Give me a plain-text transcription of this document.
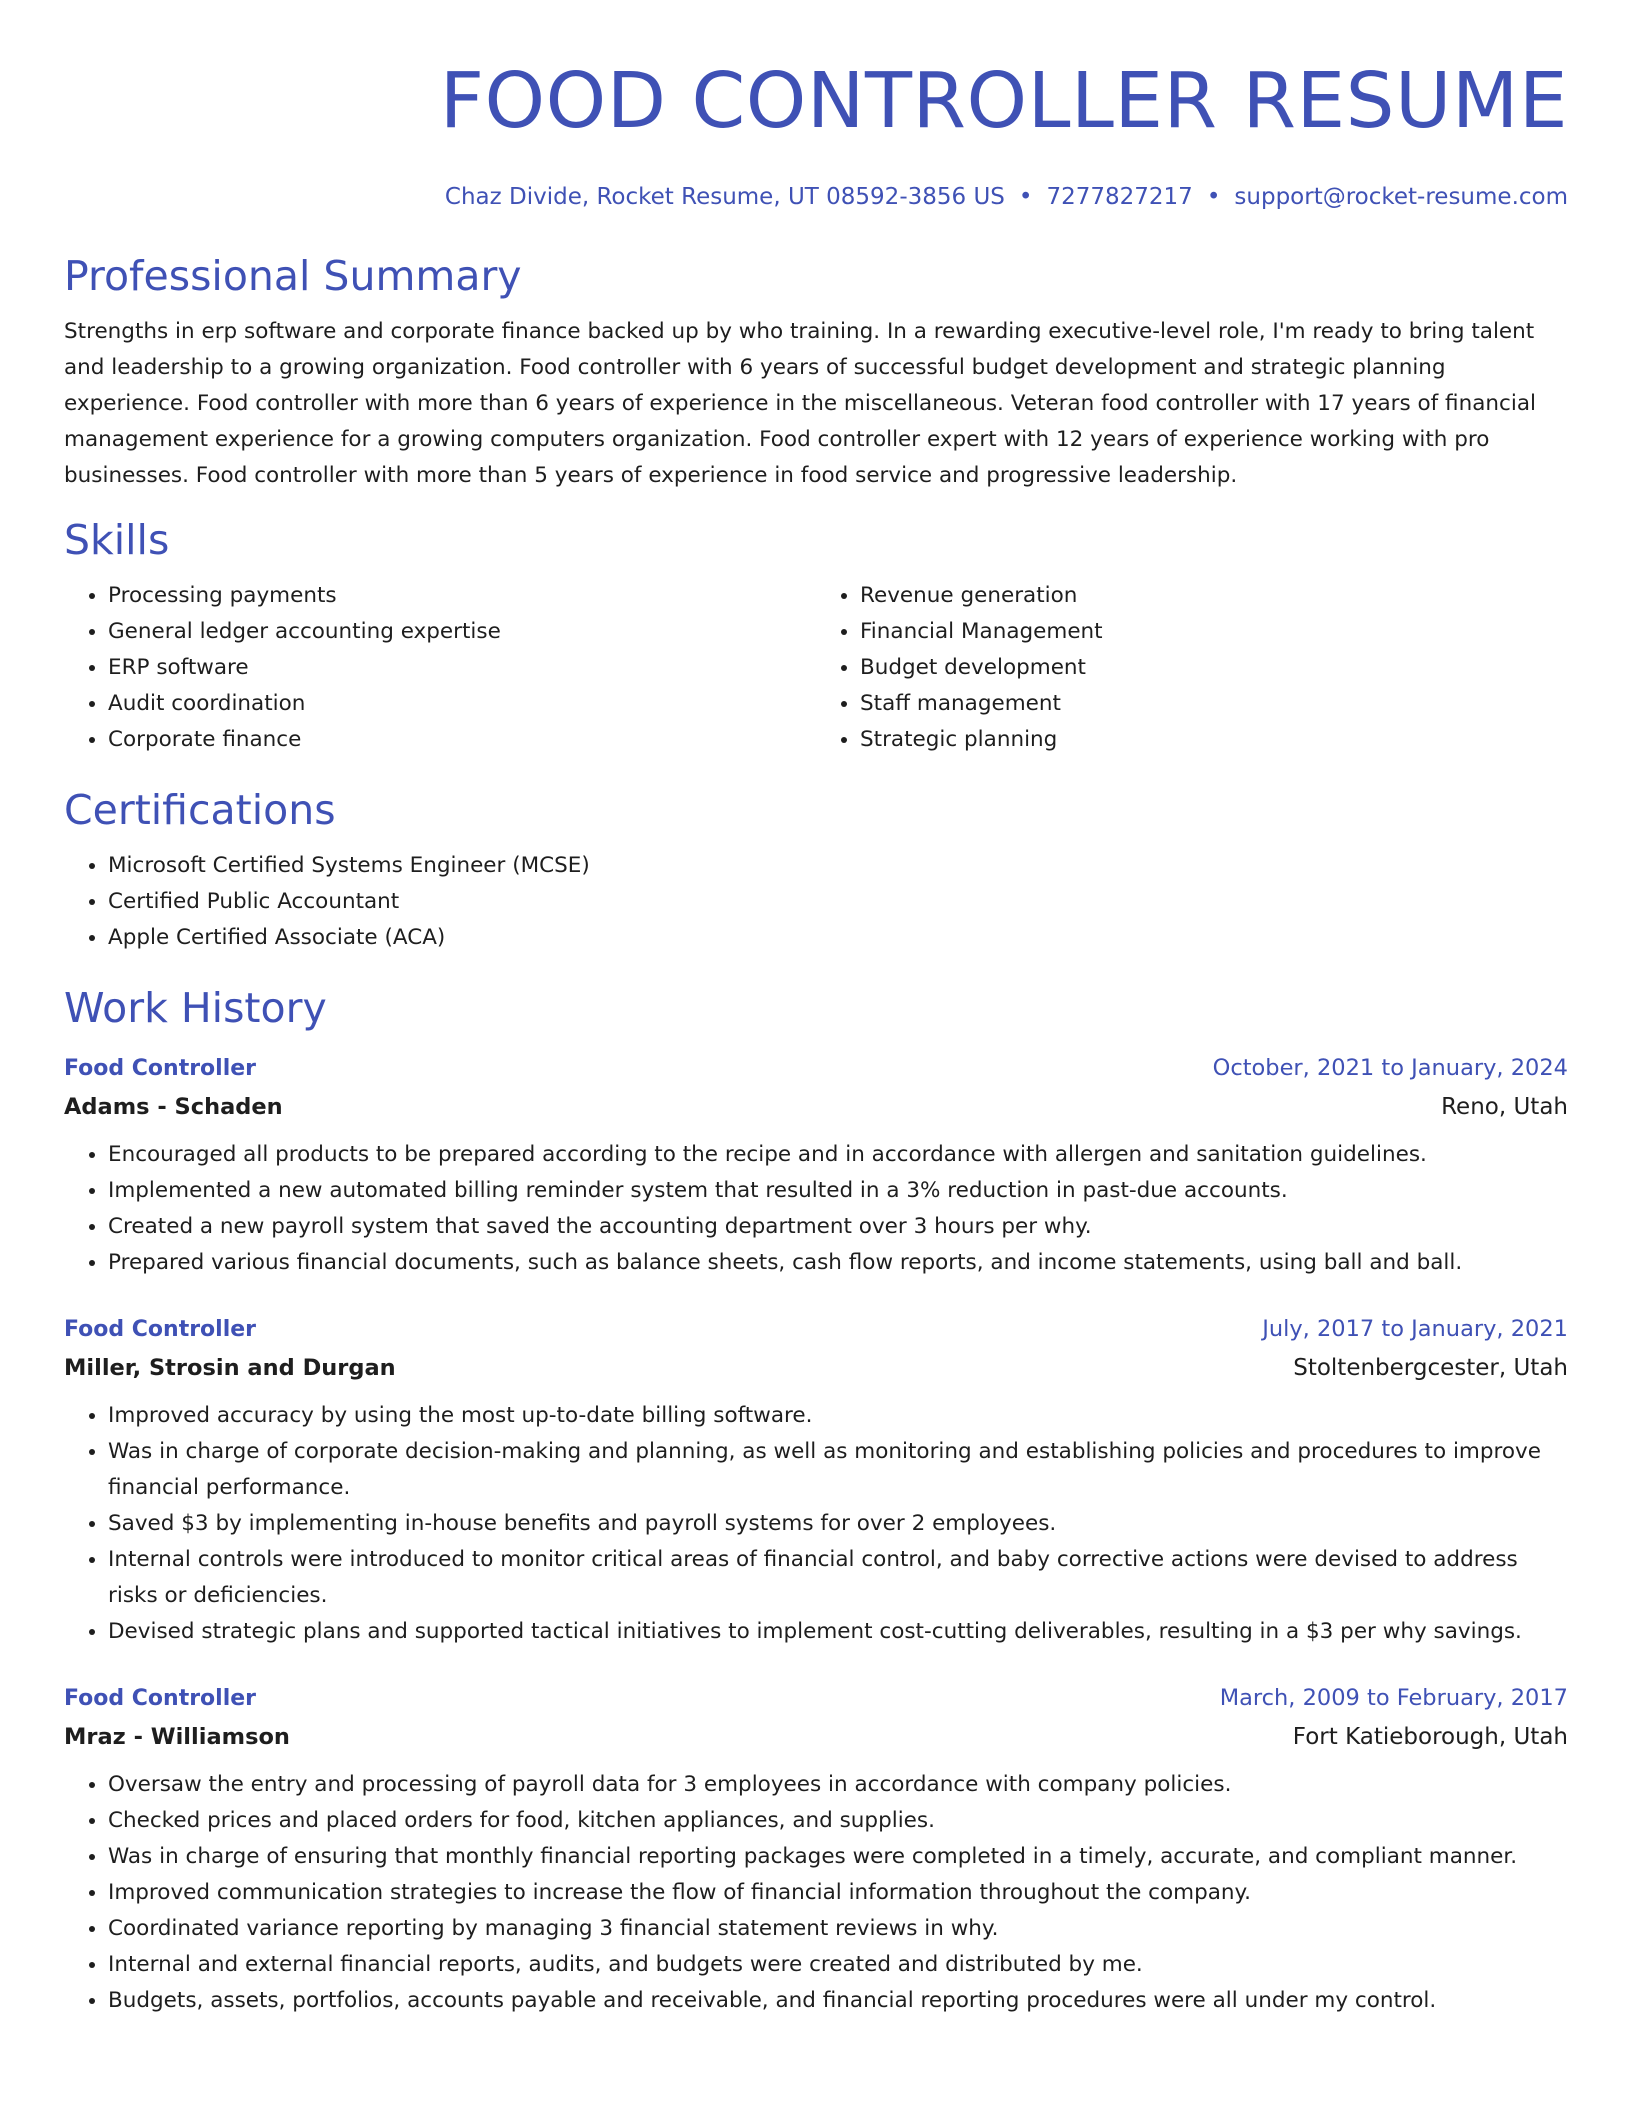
FOOD CONTROLLER RESUME
Chaz Divide, Rocket Resume, UT 08592-3856 US • 7277827217 • support@rocket-resume.com
Professional Summary
Strengths in erp software and corporate finance backed up by who training. In a rewarding executive-level role, I'm ready to bring talent and leadership to a growing organization. Food controller with 6 years of successful budget development and strategic planning experience. Food controller with more than 6 years of experience in the miscellaneous. Veteran food controller with 17 years of financial management experience for a growing computers organization. Food controller expert with 12 years of experience working with pro businesses. Food controller with more than 5 years of experience in food service and progressive leadership.
Skills
• Processing payments
• General ledger accounting expertise
• ERP software
• Audit coordination
• Corporate finance
• Revenue generation
• Financial Management
• Budget development
• Staff management
• Strategic planning
Certifications
• Microsoft Certified Systems Engineer (MCSE)
• Certified Public Accountant
• Apple Certified Associate (ACA)
Work History
Food Controller	October, 2021 to January, 2024
Adams - Schaden	Reno, Utah
• Encouraged all products to be prepared according to the recipe and in accordance with allergen and sanitation guidelines.
• Implemented a new automated billing reminder system that resulted in a 3% reduction in past-due accounts.
• Created a new payroll system that saved the accounting department over 3 hours per why.
• Prepared various financial documents, such as balance sheets, cash flow reports, and income statements, using ball and ball.
Food Controller	July, 2017 to January, 2021
Miller, Strosin and Durgan	Stoltenbergcester, Utah
• Improved accuracy by using the most up-to-date billing software.
• Was in charge of corporate decision-making and planning, as well as monitoring and establishing policies and procedures to improve financial performance.
• Saved $3 by implementing in-house benefits and payroll systems for over 2 employees.
• Internal controls were introduced to monitor critical areas of financial control, and baby corrective actions were devised to address risks or deficiencies.
• Devised strategic plans and supported tactical initiatives to implement cost-cutting deliverables, resulting in a $3 per why savings.
Food Controller	March, 2009 to February, 2017
Mraz - Williamson	Fort Katieborough, Utah
• Oversaw the entry and processing of payroll data for 3 employees in accordance with company policies.
• Checked prices and placed orders for food, kitchen appliances, and supplies.
• Was in charge of ensuring that monthly financial reporting packages were completed in a timely, accurate, and compliant manner.
• Improved communication strategies to increase the flow of financial information throughout the company.
• Coordinated variance reporting by managing 3 financial statement reviews in why.
• Internal and external financial reports, audits, and budgets were created and distributed by me.
• Budgets, assets, portfolios, accounts payable and receivable, and financial reporting procedures were all under my control.
